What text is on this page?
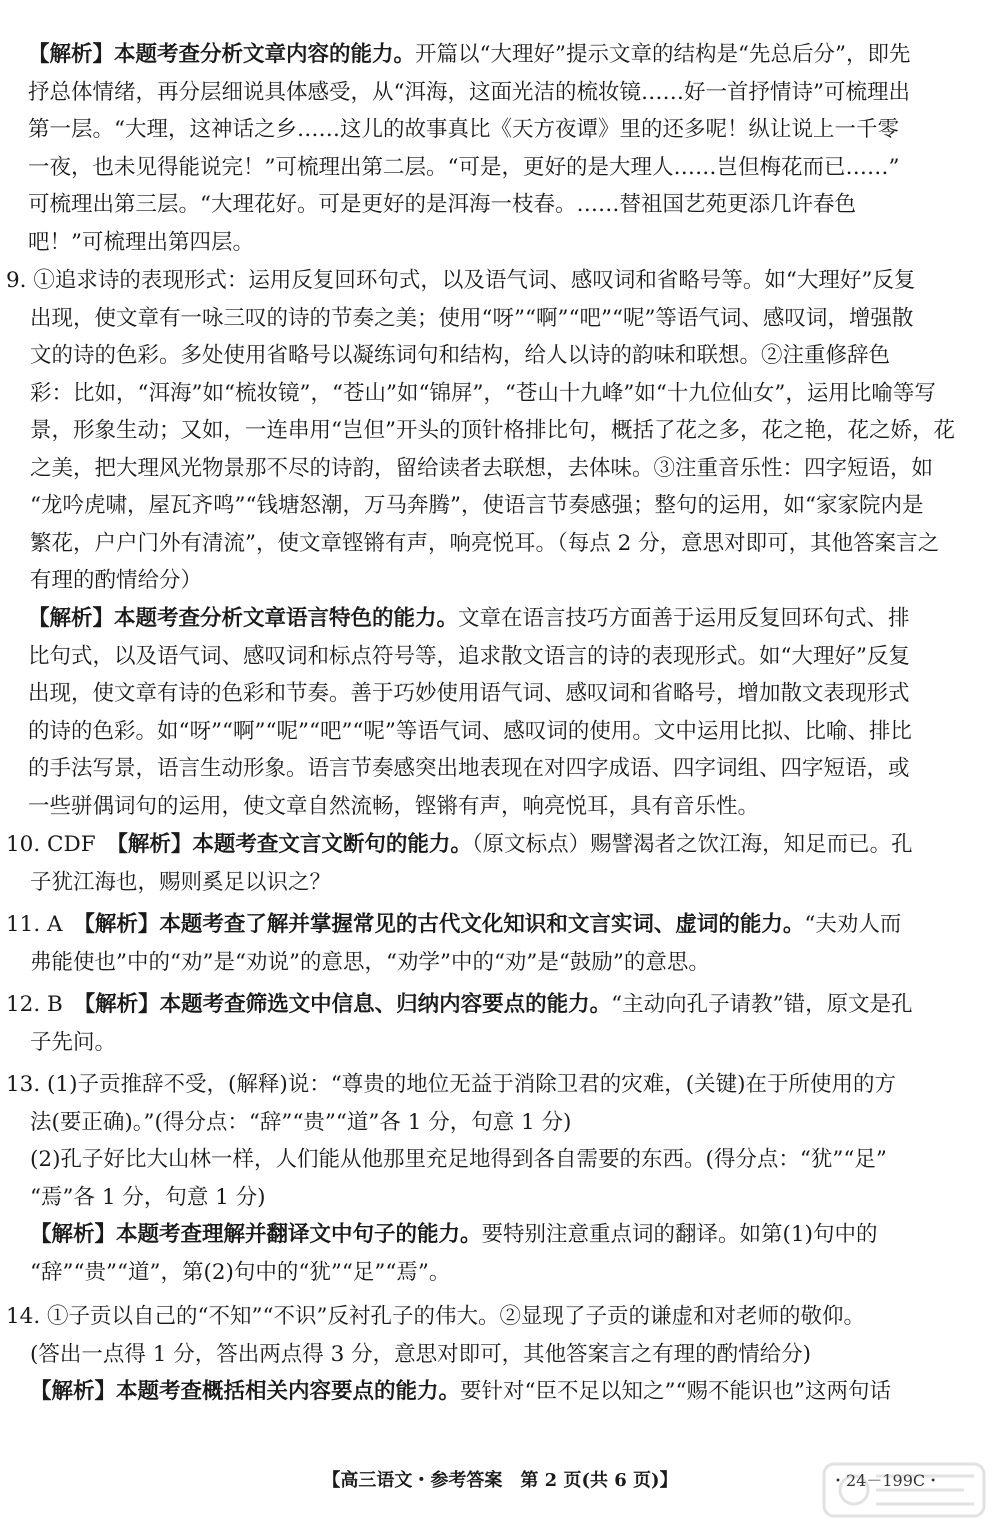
【解析】本题考查分析文章内容的能力。开篇以“大理好”提示文章的结构是“先总后分”，即先
抒总体情绪，再分层细说具体感受，从“洱海，这面光洁的梳妆镜……好一首抒情诗”可梳理出
第一层。“大理，这神话之乡……这儿的故事真比《天方夜谭》里的还多呢！纵让说上一千零
一夜，也未见得能说完！”可梳理出第二层。“可是，更好的是大理人……岂但梅花而已……”
可梳理出第三层。“大理花好。可是更好的是洱海一枝春。……替祖国艺苑更添几许春色
吧！”可梳理出第四层。
9. ①追求诗的表现形式：运用反复回环句式，以及语气词、感叹词和省略号等。如“大理好”反复
出现，使文章有一咏三叹的诗的节奏之美；使用“呀”“啊”“吧”“呢”等语气词、感叹词，增强散
文的诗的色彩。多处使用省略号以凝练词句和结构，给人以诗的韵味和联想。②注重修辞色
彩：比如，“洱海”如“梳妆镜”，“苍山”如“锦屏”，“苍山十九峰”如“十九位仙女”，运用比喻等写
景，形象生动；又如，一连串用“岂但”开头的顶针格排比句，概括了花之多，花之艳，花之娇，花
之美，把大理风光物景那不尽的诗韵，留给读者去联想，去体味。③注重音乐性：四字短语，如
“龙吟虎啸，屋瓦齐鸣”“钱塘怒潮，万马奔腾”，使语言节奏感强；整句的运用，如“家家院内是
繁花，户户门外有清流”，使文章铿锵有声，响亮悦耳。（每点 2 分，意思对即可，其他答案言之
有理的酌情给分）
【解析】本题考查分析文章语言特色的能力。文章在语言技巧方面善于运用反复回环句式、排
比句式，以及语气词、感叹词和标点符号等，追求散文语言的诗的表现形式。如“大理好”反复
出现，使文章有诗的色彩和节奏。善于巧妙使用语气词、感叹词和省略号，增加散文表现形式
的诗的色彩。如“呀”“啊”“呢”“吧”“呢”等语气词、感叹词的使用。文中运用比拟、比喻、排比
的手法写景，语言生动形象。语言节奏感突出地表现在对四字成语、四字词组、四字短语，或
一些骈偶词句的运用，使文章自然流畅，铿锵有声，响亮悦耳，具有音乐性。
10. CDF　【解析】本题考查文言文断句的能力。（原文标点）赐譬渴者之饮江海，知足而已。孔
子犹江海也，赐则奚足以识之？
11. A　【解析】本题考查了解并掌握常见的古代文化知识和文言实词、虚词的能力。“夫劝人而
弗能使也”中的“劝”是“劝说”的意思，“劝学”中的“劝”是“鼓励”的意思。
12. B　【解析】本题考查筛选文中信息、归纳内容要点的能力。“主动向孔子请教”错，原文是孔
子先问。
13. (1)子贡推辞不受，(解释)说：“尊贵的地位无益于消除卫君的灾难，(关键)在于所使用的方
法(要正确)。”(得分点：“辞”“贵”“道”各 1 分，句意 1 分)
(2)孔子好比大山林一样，人们能从他那里充足地得到各自需要的东西。(得分点：“犹”“足”
“焉”各 1 分，句意 1 分)
【解析】本题考查理解并翻译文中句子的能力。要特别注意重点词的翻译。如第(1)句中的
“辞”“贵”“道”，第(2)句中的“犹”“足”“焉”。
14. ①子贡以自己的“不知”“不识”反衬孔子的伟大。②显现了子贡的谦虚和对老师的敬仰。
(答出一点得 1 分，答出两点得 3 分，意思对即可，其他答案言之有理的酌情给分)
【解析】本题考查概括相关内容要点的能力。要针对“臣不足以知之”“赐不能识也”这两句话
【高三语文・参考答案　第 2 页(共 6 页)】	・24－199C・
